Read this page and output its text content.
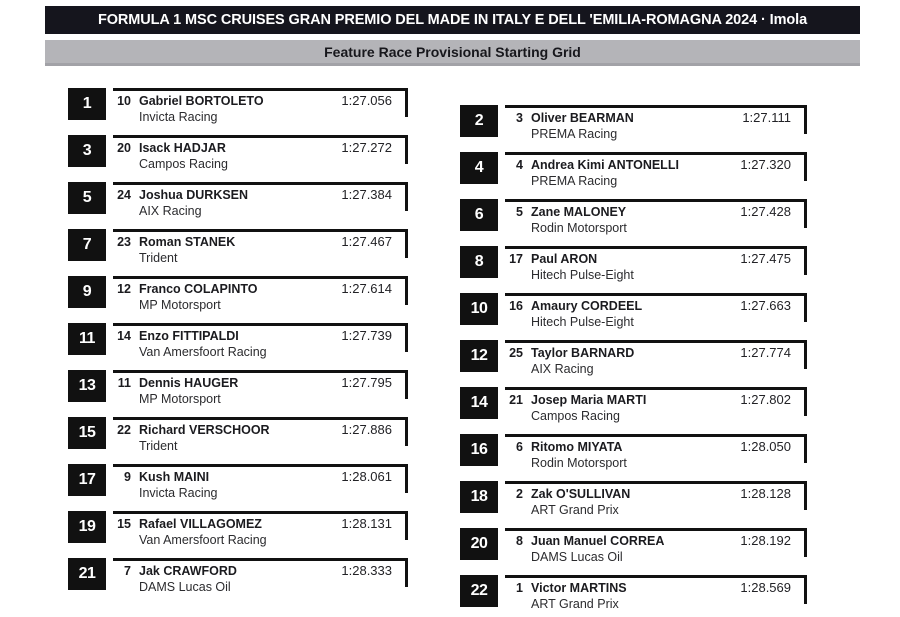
FORMULA 1 MSC CRUISES GRAN PREMIO DEL MADE IN ITALY E DELL 'EMILIA-ROMAGNA 2024 · Imola
Feature Race Provisional Starting Grid
1	10 Gabriel BORTOLETO	1:27.056
Invicta Racing
3	20 Isack HADJAR	1:27.272
Campos Racing
5	24 Joshua DURKSEN	1:27.384
AIX Racing
7	23 Roman STANEK	1:27.467
Trident
9	12 Franco COLAPINTO	1:27.614
MP Motorsport
11	14 Enzo FITTIPALDI	1:27.739
Van Amersfoort Racing
13	11 Dennis HAUGER	1:27.795
MP Motorsport
15	22 Richard VERSCHOOR	1:27.886
Trident
17	9 Kush MAINI	1:28.061
Invicta Racing
19	15 Rafael VILLAGOMEZ	1:28.131
Van Amersfoort Racing
21	7 Jak CRAWFORD	1:28.333
DAMS Lucas Oil
2	3 Oliver BEARMAN	1:27.111
PREMA Racing
4	4 Andrea Kimi ANTONELLI	1:27.320
PREMA Racing
6	5 Zane MALONEY	1:27.428
Rodin Motorsport
8	17 Paul ARON	1:27.475
Hitech Pulse-Eight
10	16 Amaury CORDEEL	1:27.663
Hitech Pulse-Eight
12	25 Taylor BARNARD	1:27.774
AIX Racing
14	21 Josep Maria MARTI	1:27.802
Campos Racing
16	6 Ritomo MIYATA	1:28.050
Rodin Motorsport
18	2 Zak O'SULLIVAN	1:28.128
ART Grand Prix
20	8 Juan Manuel CORREA	1:28.192
DAMS Lucas Oil
22	1 Victor MARTINS	1:28.569
ART Grand Prix
